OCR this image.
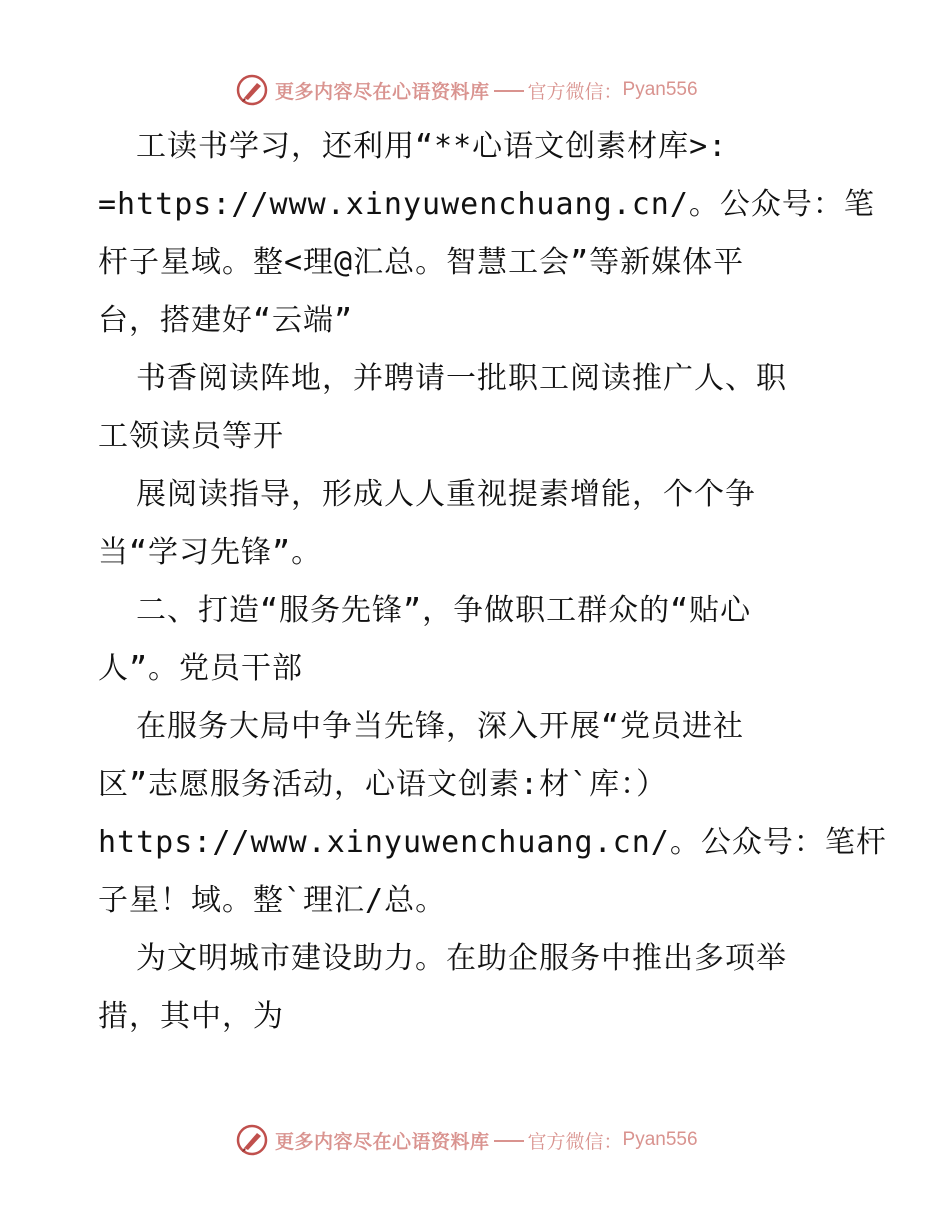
更多内容尽在心语资料库 官方微信： Pyan556
工读书学习，还利用“**心语文创素材库>:
=https://www.xinyuwenchuang.cn/。公众号：笔
杆子星域。整<理@汇总。智慧工会”等新媒体平
台，搭建好“云端”
书香阅读阵地，并聘请一批职工阅读推广人、职
工领读员等开
展阅读指导，形成人人重视提素增能，个个争
当“学习先锋”。
二、打造“服务先锋”，争做职工群众的“贴心
人”。党员干部
在服务大局中争当先锋，深入开展“党员进社
区”志愿服务活动，心语文创素:材`库：）
https://www.xinyuwenchuang.cn/。公众号：笔杆
子星！域。整`理汇/总。
为文明城市建设助力。在助企服务中推出多项举
措，其中，为
更多内容尽在心语资料库 官方微信： Pyan556
